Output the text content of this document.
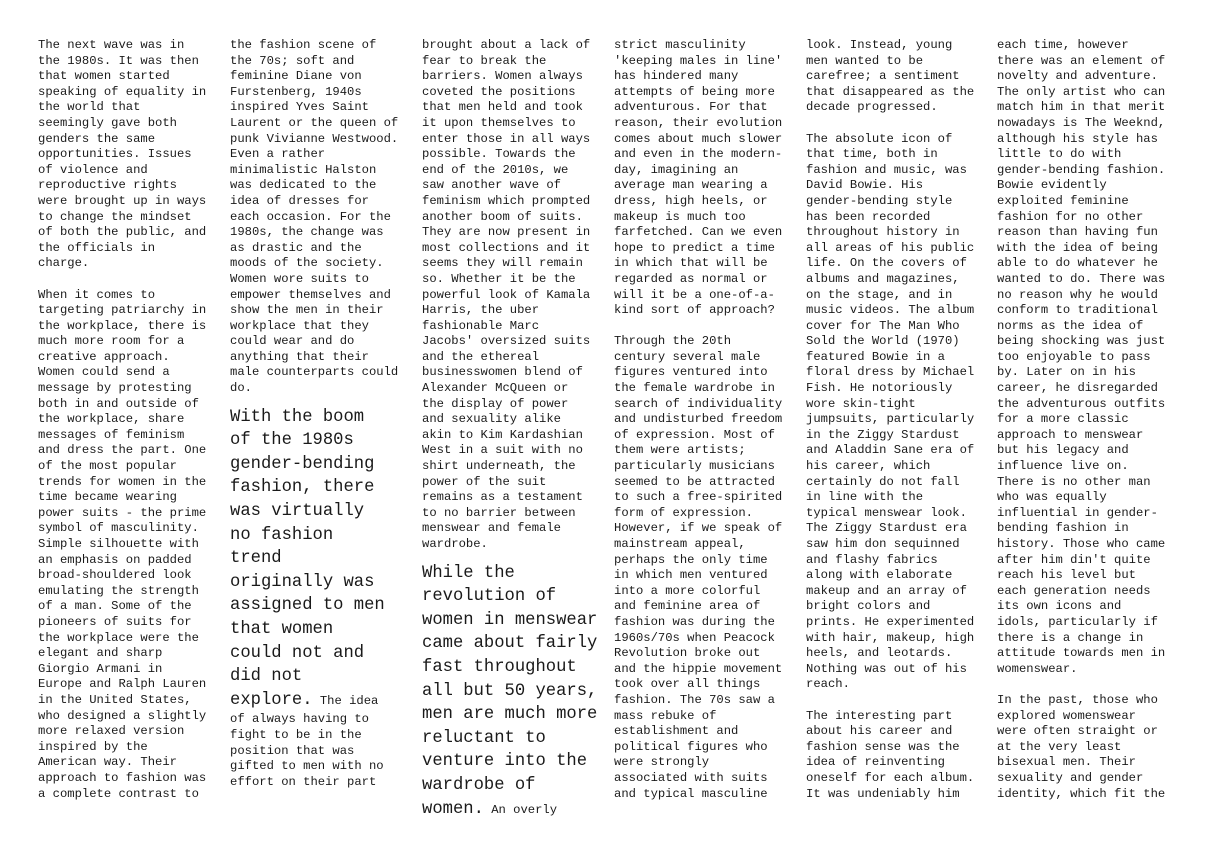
The next wave was in
the 1980s. It was then
that women started
speaking of equality in
the world that
seemingly gave both
genders the same
opportunities. Issues
of violence and
reproductive rights
were brought up in ways
to change the mindset
of both the public, and
the officials in
charge.

When it comes to
targeting patriarchy in
the workplace, there is
much more room for a
creative approach.
Women could send a
message by protesting
both in and outside of
the workplace, share
messages of feminism
and dress the part. One
of the most popular
trends for women in the
time became wearing
power suits - the prime
symbol of masculinity.
Simple silhouette with
an emphasis on padded
broad-shouldered look
emulating the strength
of a man. Some of the
pioneers of suits for
the workplace were the
elegant and sharp
Giorgio Armani in
Europe and Ralph Lauren
in the United States,
who designed a slightly
more relaxed version
inspired by the
American way. Their
approach to fashion was
a complete contrast to

the fashion scene of
the 70s; soft and
feminine Diane von
Furstenberg, 1940s
inspired Yves Saint
Laurent or the queen of
punk Vivianne Westwood.
Even a rather
minimalistic Halston
was dedicated to the
idea of dresses for
each occasion. For the
1980s, the change was
as drastic and the
moods of the society.
Women wore suits to
empower themselves and
show the men in their
workplace that they
could wear and do
anything that their
male counterparts could
do.

With the boom
of the 1980s
gender-bending
fashion, there
was virtually
no fashion
trend
originally was
assigned to men
that women
could not and
did not
explore. The idea
of always having to
fight to be in the
position that was
gifted to men with no
effort on their part

brought about a lack of
fear to break the
barriers. Women always
coveted the positions
that men held and took
it upon themselves to
enter those in all ways
possible. Towards the
end of the 2010s, we
saw another wave of
feminism which prompted
another boom of suits.
They are now present in
most collections and it
seems they will remain
so. Whether it be the
powerful look of Kamala
Harris, the uber
fashionable Marc
Jacobs' oversized suits
and the ethereal
businesswomen blend of
Alexander McQueen or
the display of power
and sexuality alike
akin to Kim Kardashian
West in a suit with no
shirt underneath, the
power of the suit
remains as a testament
to no barrier between
menswear and female
wardrobe.

While the
revolution of
women in menswear
came about fairly
fast throughout
all but 50 years,
men are much more
reluctant to
venture into the
wardrobe of
women. An overly

strict masculinity
'keeping males in line'
has hindered many
attempts of being more
adventurous. For that
reason, their evolution
comes about much slower
and even in the modern-
day, imagining an
average man wearing a
dress, high heels, or
makeup is much too
farfetched. Can we even
hope to predict a time
in which that will be
regarded as normal or
will it be a one-of-a-
kind sort of approach?

Through the 20th
century several male
figures ventured into
the female wardrobe in
search of individuality
and undisturbed freedom
of expression. Most of
them were artists;
particularly musicians
seemed to be attracted
to such a free-spirited
form of expression.
However, if we speak of
mainstream appeal,
perhaps the only time
in which men ventured
into a more colorful
and feminine area of
fashion was during the
1960s/70s when Peacock
Revolution broke out
and the hippie movement
took over all things
fashion. The 70s saw a
mass rebuke of
establishment and
political figures who
were strongly
associated with suits
and typical masculine

look. Instead, young
men wanted to be
carefree; a sentiment
that disappeared as the
decade progressed.

The absolute icon of
that time, both in
fashion and music, was
David Bowie. His
gender-bending style
has been recorded
throughout history in
all areas of his public
life. On the covers of
albums and magazines,
on the stage, and in
music videos. The album
cover for The Man Who
Sold the World (1970)
featured Bowie in a
floral dress by Michael
Fish. He notoriously
wore skin-tight
jumpsuits, particularly
in the Ziggy Stardust
and Aladdin Sane era of
his career, which
certainly do not fall
in line with the
typical menswear look.
The Ziggy Stardust era
saw him don sequinned
and flashy fabrics
along with elaborate
makeup and an array of
bright colors and
prints. He experimented
with hair, makeup, high
heels, and leotards.
Nothing was out of his
reach.

The interesting part
about his career and
fashion sense was the
idea of reinventing
oneself for each album.
It was undeniably him

each time, however
there was an element of
novelty and adventure.
The only artist who can
match him in that merit
nowadays is The Weeknd,
although his style has
little to do with
gender-bending fashion.
Bowie evidently
exploited feminine
fashion for no other
reason than having fun
with the idea of being
able to do whatever he
wanted to do. There was
no reason why he would
conform to traditional
norms as the idea of
being shocking was just
too enjoyable to pass
by. Later on in his
career, he disregarded
the adventurous outfits
for a more classic
approach to menswear
but his legacy and
influence live on.
There is no other man
who was equally
influential in gender-
bending fashion in
history. Those who came
after him din't quite
reach his level but
each generation needs
its own icons and
idols, particularly if
there is a change in
attitude towards men in
womenswear.

In the past, those who
explored womenswear
were often straight or
at the very least
bisexual men. Their
sexuality and gender
identity, which fit the
